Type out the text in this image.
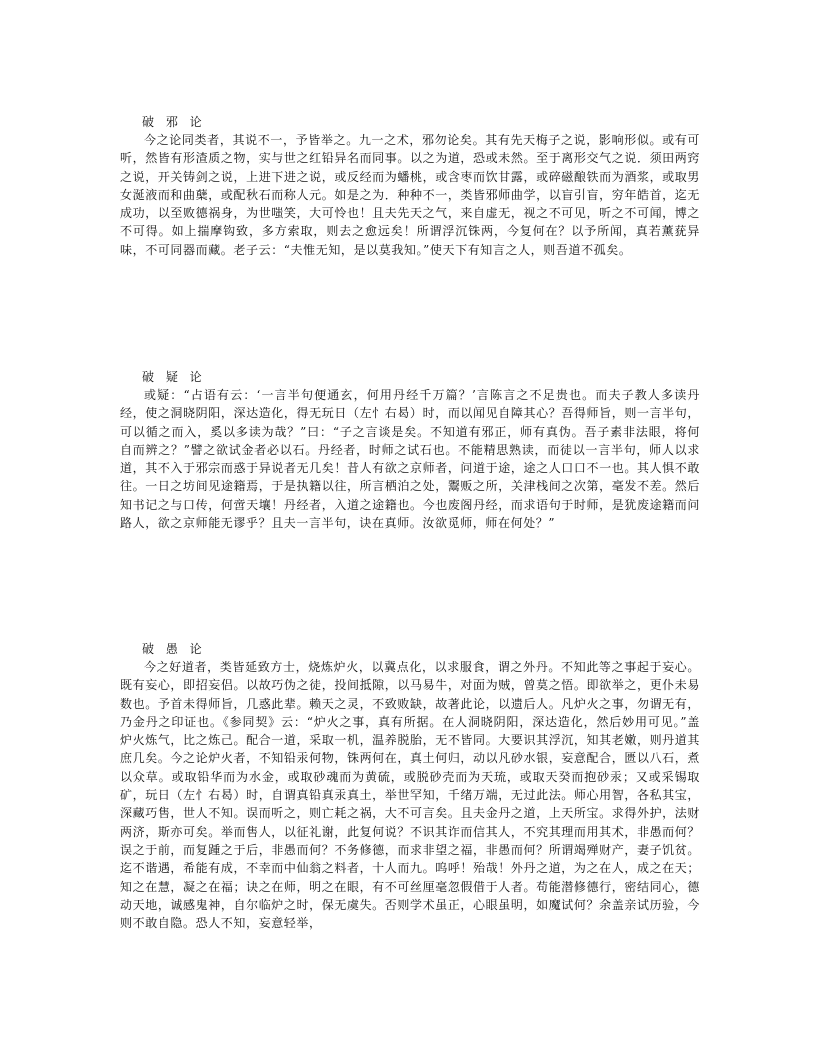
破 邪 论

今之论同类者，其说不一，予皆举之。九一之术，邪勿论矣。其有先天梅子之说，影响形似。或有可听，然皆有形渣质之物，实与世之红铅异名而同事。以之为道，恐或未然。至于离形交气之说．须田两窍之说，开关铸剑之说，上进下进之说，或反经而为蟠桃，或含枣而饮甘露，或碎磁酿铁而为酒浆，或取男女涎液而和曲蘖，或配秋石而称人元。如是之为．种种不一，类皆邪师曲学，以盲引盲，穷年皓首，迄无成功，以至败德祸身，为世嗤笑，大可怜也！且夫先天之气，来自虚无，视之不可见，听之不可闻，博之不可得。如上揣摩钩致，多方索取，则去之愈远矣！所谓浮沉铢两，今复何在？以予所闻，真若薰莸异味，不可同器而藏。老子云：“夫惟无知，是以莫我知。”使天下有知言之人，则吾道不孤矣。

破 疑 论

或疑：“占语有云：‘一言半句便通玄，何用丹经千万篇？’言陈言之不足贵也。而夫子教人多读丹经，使之洞晓阴阳，深达造化，得无玩日（左忄右曷）时，而以闻见自障其心？吾得师旨，则一言半句，可以循之而入，奚以多读为哉？”曰：“子之言谈是矣。不知道有邪正，师有真伪。吾子素非法眼，将何自而辨之？”譬之欲试金者必以石。丹经者，时师之试石也。不能精思熟读，而徒以一言半句，师人以求道，其不入于邪宗而惑于异说者无几矣！昔人有欲之京师者，问道于途，途之人口口不一也。其人惧不敢往。一日之坊间见途籍焉，于是执籍以往，所言栖泊之处，鬻贩之所，关津栈间之次第，毫发不差。然后知书记之与口传，何啻天壤！丹经者，入道之途籍也。今也废阁丹经，而求语句于时师，是犹废途籍而问路人，欲之京师能无谬乎？且夫一言半句，诀在真师。汝欲觅师，师在何处？”

破 愚 论

今之好道者，类皆延致方士，烧炼炉火，以冀点化，以求服食，谓之外丹。不知此等之事起于妄心。既有妄心，即招妄侣。以故巧伪之徒，投间抵隙，以马易牛，对面为贼，曾莫之悟。即欲举之，更仆未易数也。予首未得师旨，几惑此辈。赖天之灵，不致败缺，故著此论，以遗后人。凡炉火之事，勿谓无有，乃金丹之印证也。《参同契》云：“炉火之事，真有所据。在人洞晓阴阳，深达造化，然后妙用可见。”盖炉火炼气，比之炼己。配合一道，采取一机，温养脱胎，无不皆同。大要识其浮沉，知其老嫩，则丹道其庶几矣。今之论炉火者，不知铅汞何物，铢两何在，真土何归，动以凡砂水银，妄意配合，匮以八石，煮以众草。或取铅华而为水金，或取砂魂而为黄硫，或脱砂壳而为天琉，或取天癸而抱砂汞；又或采锡取矿，玩日（左忄右曷）时，自谓真铅真汞真土，举世罕知，千绪万端，无过此法。师心用智，各私其宝，深藏巧售，世人不知。误而听之，则亡耗之祸，大不可言矣。且夫金丹之道，上天所宝。求得外护，法财两济，斯亦可矣。举而售人，以征礼谢，此复何说？不识其诈而信其人，不究其理而用其术，非愚而何？误之于前，而复踵之于后，非愚而何？不务修德，而求非望之福，非愚而何？所谓竭殚财产，妻子饥贫。迄不谐遇，希能有成，不幸而中仙翁之料者，十人而九。呜呼！殆哉！外丹之道，为之在人，成之在天；知之在慧，凝之在福；诀之在师，明之在眼，有不可丝厘毫忽假借于人者。苟能潜修德行，密结同心，德动天地，诚感鬼神，自尔临炉之时，保无虞失。否则学术虽正，心眼虽明，如魔试何？余盖亲试历验，今则不敢自隐。恐人不知，妄意轻举，
